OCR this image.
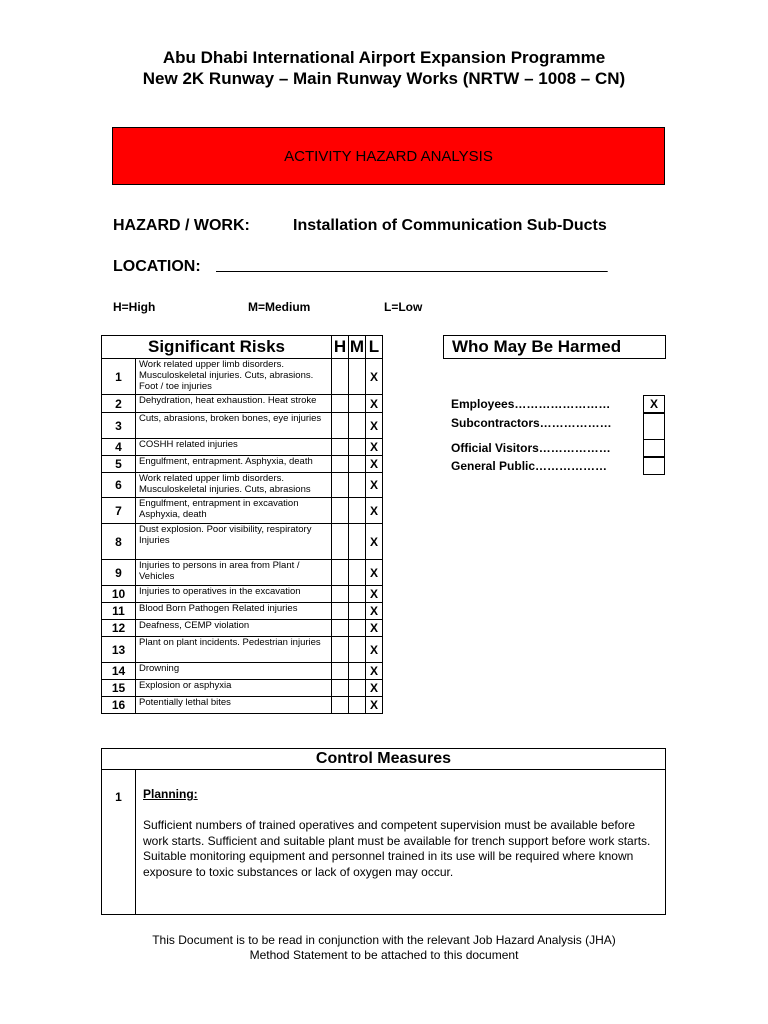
Abu Dhabi International Airport Expansion Programme
New 2K Runway – Main Runway Works (NRTW – 1008 – CN)
ACTIVITY HAZARD ANALYSIS
HAZARD / WORK:	Installation of Communication Sub-Ducts
LOCATION: ____________________________________________
H=High	M=Medium	L=Low
Significant Risks		H	M	L
1	Work related upper limb disorders. Musculoskeletal injuries. Cuts, abrasions. Foot / toe injuries			X
2	Dehydration, heat exhaustion. Heat stroke			X
3	Cuts, abrasions, broken bones, eye injuries			X
4	COSHH related injuries			X
5	Engulfment, entrapment. Asphyxia, death			X
6	Work related upper limb disorders. Musculoskeletal injuries. Cuts, abrasions			X
7	Engulfment, entrapment in excavation Asphyxia, death			X
8	Dust explosion. Poor visibility, respiratory Injuries			X
9	Injuries to persons in area from Plant / Vehicles			X
10	Injuries to operatives in the excavation			X
11	Blood Born Pathogen Related injuries			X
12	Deafness, CEMP violation			X
13	Plant on plant incidents. Pedestrian injuries			X
14	Drowning			X
15	Explosion or asphyxia			X
16	Potentially lethal bites			X
Who May Be Harmed
Employees……………………	X
Subcontractors………………
Official Visitors………………
General Public………………
Control Measures
1	Planning:
Sufficient numbers of trained operatives and competent supervision must be available before work starts. Sufficient and suitable plant must be available for trench support before work starts. Suitable monitoring equipment and personnel trained in its use will be required where known exposure to toxic substances or lack of oxygen may occur.
This Document is to be read in conjunction with the relevant Job Hazard Analysis (JHA)
Method Statement to be attached to this document
